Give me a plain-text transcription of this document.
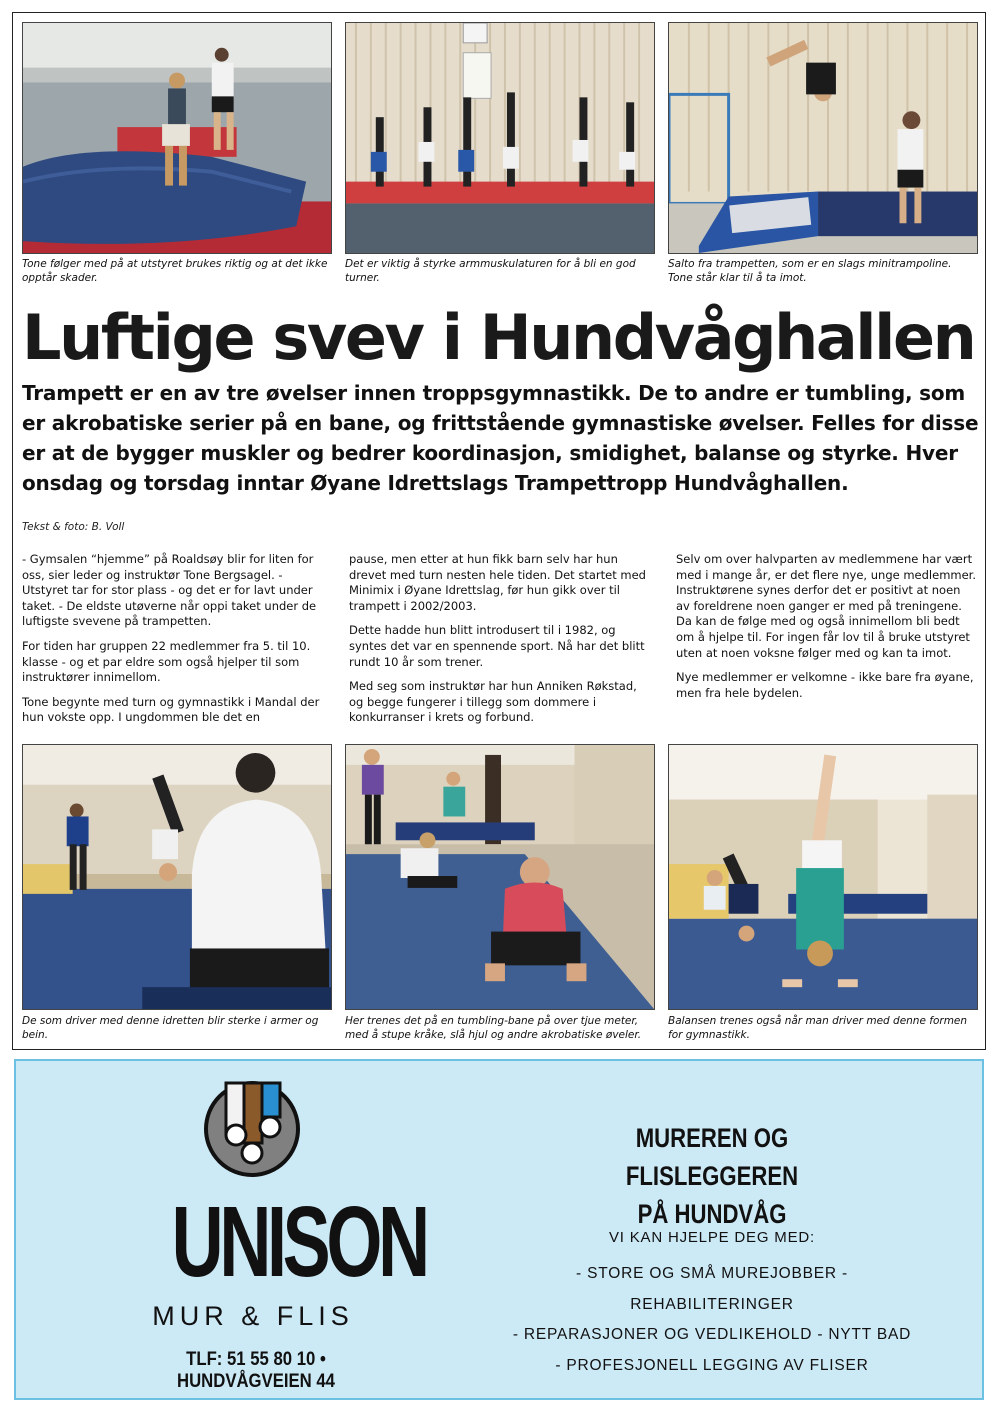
Tone følger med på at utstyret brukes riktig og at det ikke opptår skader.
Det er viktig å styrke armmuskulaturen for å bli en god turner.
Salto fra trampetten, som er en slags minitrampoline. Tone står klar til å ta imot.
Luftige svev i Hundvåghallen

Trampett er en av tre øvelser innen troppsgymnastikk. De to andre er tumbling, som er akrobatiske serier på en bane, og frittstående gymnastiske øvelser. Felles for disse er at de bygger muskler og bedrer koordinasjon, smidighet, balanse og styrke. Hver onsdag og torsdag inntar Øyane Idrettslags Trampettropp Hundvåghallen.

Tekst & foto: B. Voll

- Gymsalen “hjemme” på Roaldsøy blir for liten for oss, sier leder og instruktør Tone Bergsagel. - Utstyret tar for stor plass - og det er for lavt under taket. - De eldste utøverne når oppi taket under de luftigste svevene på trampetten.

For tiden har gruppen 22 medlemmer fra 5. til 10. klasse - og et par eldre som også hjelper til som instruktører innimellom.

Tone begynte med turn og gymnastikk i Mandal der hun vokste opp. I ungdommen ble det en

pause, men etter at hun fikk barn selv har hun drevet med turn nesten hele tiden. Det startet med Minimix i Øyane Idrettslag, før hun gikk over til trampett i 2002/2003.

Dette hadde hun blitt introdusert til i 1982, og syntes det var en spennende sport. Nå har det blitt rundt 10 år som trener.

Med seg som instruktør har hun Anniken Røkstad, og begge fungerer i tillegg som dommere i konkurranser i krets og forbund.

Selv om over halvparten av medlemmene har vært med i mange år, er det flere nye, unge medlemmer. Instruktørene synes derfor det er positivt at noen av foreldrene noen ganger er med på treningene. Da kan de følge med og også innimellom bli bedt om å hjelpe til. For ingen får lov til å bruke utstyret uten at noen voksne følger med og kan ta imot.

Nye medlemmer er velkomne - ikke bare fra øyane, men fra hele bydelen.

De som driver med denne idretten blir sterke i armer og bein.
Her trenes det på en tumbling-bane på over tjue meter, med å stupe kråke, slå hjul og andre akrobatiske øveler.
Balansen trenes også når man driver med denne formen for gymnastikk.
UNISON
MUR & FLIS
TLF: 51 55 80 10 • HUNDVÅGVEIEN 44
MUREREN OG FLISLEGGEREN
PÅ HUNDVÅG
VI KAN HJELPE DEG MED:
- STORE OG SMÅ MUREJOBBER - REHABILITERINGER
- REPARASJONER OG VEDLIKEHOLD - NYTT BAD
- PROFESJONELL LEGGING AV FLISER
